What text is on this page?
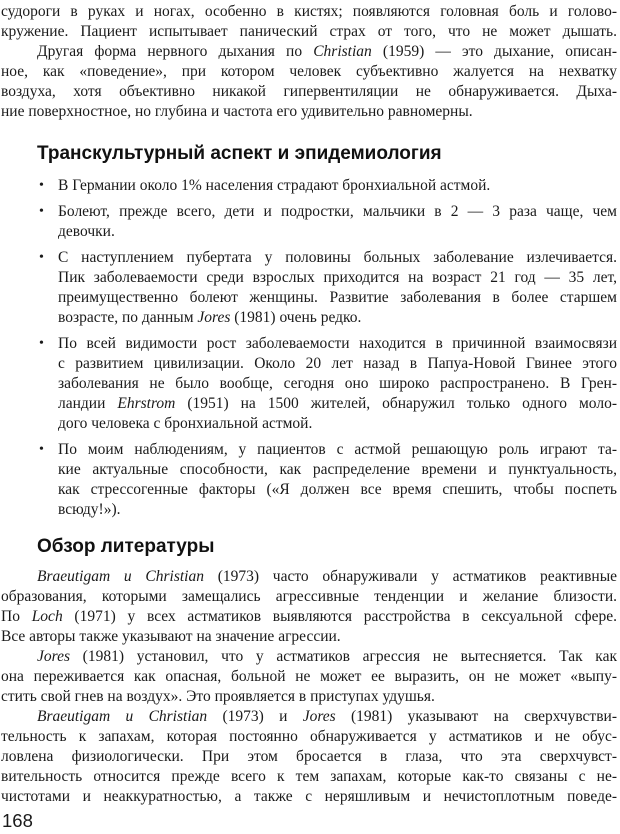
судороги в руках и ногах, особенно в кистях; появляются головная боль и голово-
кружение. Пациент испытывает панический страх от того, что не может дышать.
Другая форма нервного дыхания по Christian (1959) — это дыхание, описан-
ное, как «поведение», при котором человек субъективно жалуется на нехватку
воздуха, хотя объективно никакой гипервентиляции не обнаруживается. Дыха-
ние поверхностное, но глубина и частота его удивительно равномерны.
Транскультурный аспект и эпидемиология
• В Германии около 1% населения страдают бронхиальной астмой.
• Болеют, прежде всего, дети и подростки, мальчики в 2 — 3 раза чаще, чем
девочки.
• С наступлением пубертата у половины больных заболевание излечивается.
Пик заболеваемости среди взрослых приходится на возраст 21 год — 35 лет,
преимущественно болеют женщины. Развитие заболевания в более старшем
возрасте, по данным Jores (1981) очень редко.
• По всей видимости рост заболеваемости находится в причинной взаимосвязи
с развитием цивилизации. Около 20 лет назад в Папуа-Новой Гвинее этого
заболевания не было вообще, сегодня оно широко распространено. В Грен-
ландии Ehrstrom (1951) на 1500 жителей, обнаружил только одного моло-
дого человека с бронхиальной астмой.
• По моим наблюдениям, у пациентов с астмой решающую роль играют та-
кие актуальные способности, как распределение времени и пунктуальность,
как стрессогенные факторы («Я должен все время спешить, чтобы поспеть
всюду!»).
Обзор литературы
Braeutigam и Christian (1973) часто обнаруживали у астматиков реактивные
образования, которыми замещались агрессивные тенденции и желание близости.
По Loch (1971) у всех астматиков выявляются расстройства в сексуальной сфере.
Все авторы также указывают на значение агрессии.
Jores (1981) установил, что у астматиков агрессия не вытесняется. Так как
она переживается как опасная, больной не может ее выразить, он не может «выпу-
стить свой гнев на воздух». Это проявляется в приступах удушья.
Braeutigam и Christian (1973) и Jores (1981) указывают на сверхчувстви-
тельность к запахам, которая постоянно обнаруживается у астматиков и не обус-
ловлена физиологически. При этом бросается в глаза, что эта сверхчувст-
вительность относится прежде всего к тем запахам, которые как-то связаны с не-
чистотами и неаккуратностью, а также с неряшливым и нечистоплотным поведе-
168
